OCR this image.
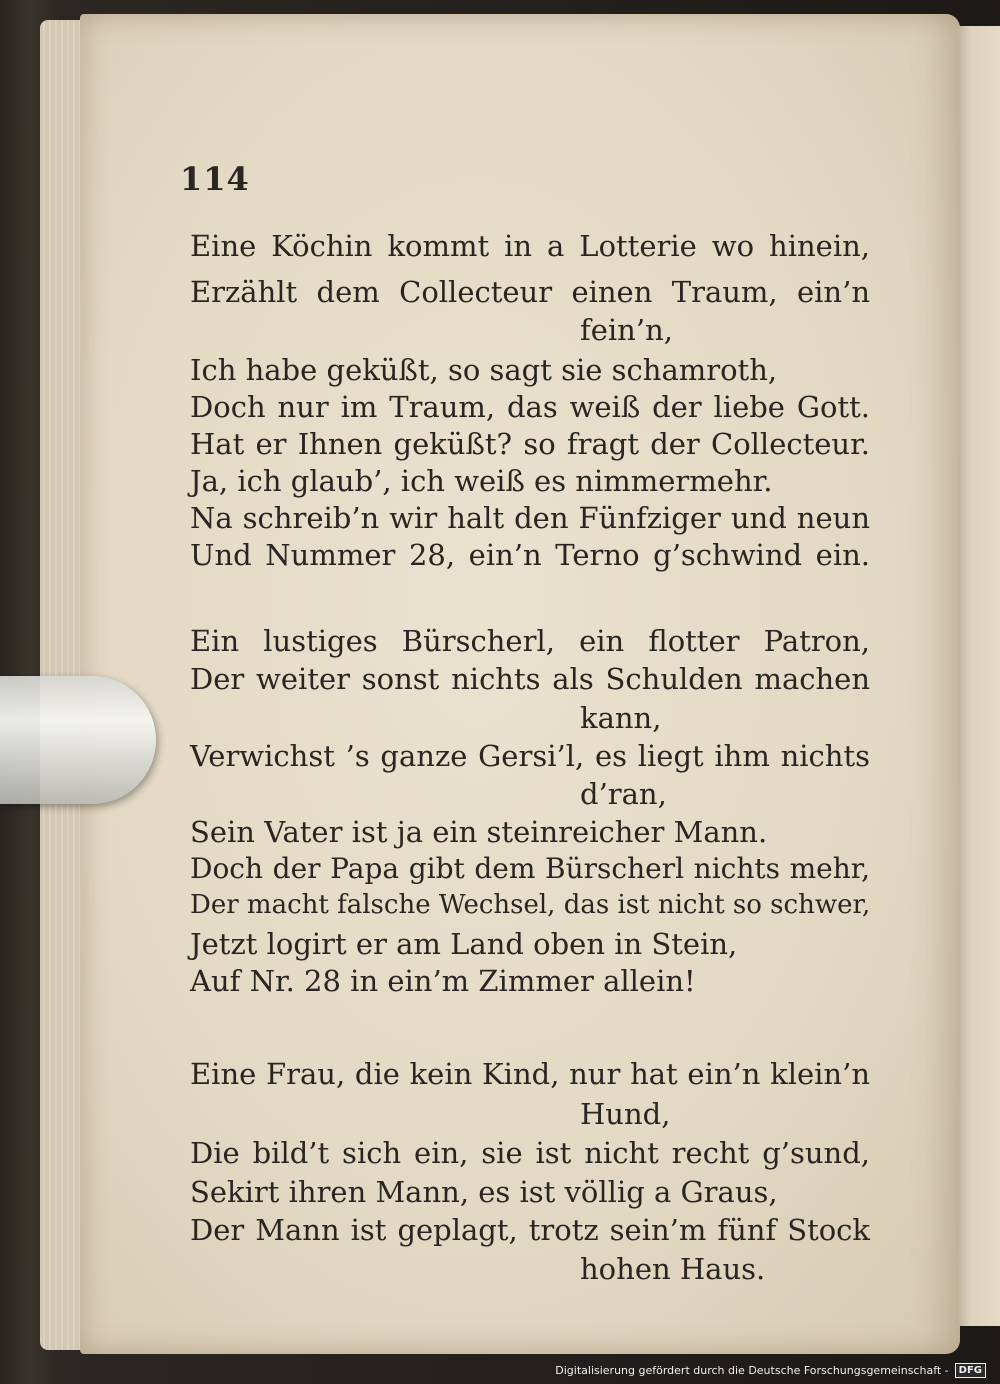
114
Eine Köchin kommt in a Lotterie wo hinein,
Erzählt dem Collecteur einen Traum, ein’n
fein’n,
Ich habe geküßt, so sagt sie schamroth,
Doch nur im Traum, das weiß der liebe Gott.
Hat er Ihnen geküßt? so fragt der Collecteur.
Ja, ich glaub’, ich weiß es nimmermehr.
Na schreib’n wir halt den Fünfziger und neun
Und Nummer 28, ein’n Terno g’schwind ein.
Ein lustiges Bürscherl, ein flotter Patron,
Der weiter sonst nichts als Schulden machen
kann,
Verwichst ’s ganze Gersi’l, es liegt ihm nichts
d’ran,
Sein Vater ist ja ein steinreicher Mann.
Doch der Papa gibt dem Bürscherl nichts mehr,
Der macht falsche Wechsel, das ist nicht so schwer,
Jetzt logirt er am Land oben in Stein,
Auf Nr. 28 in ein’m Zimmer allein!
Eine Frau, die kein Kind, nur hat ein’n klein’n
Hund,
Die bild’t sich ein, sie ist nicht recht g’sund,
Sekirt ihren Mann, es ist völlig a Graus,
Der Mann ist geplagt, trotz sein’m fünf Stock
hohen Haus.
Digitalisierung gefördert durch die Deutsche Forschungsgemeinschaft -	DFG
